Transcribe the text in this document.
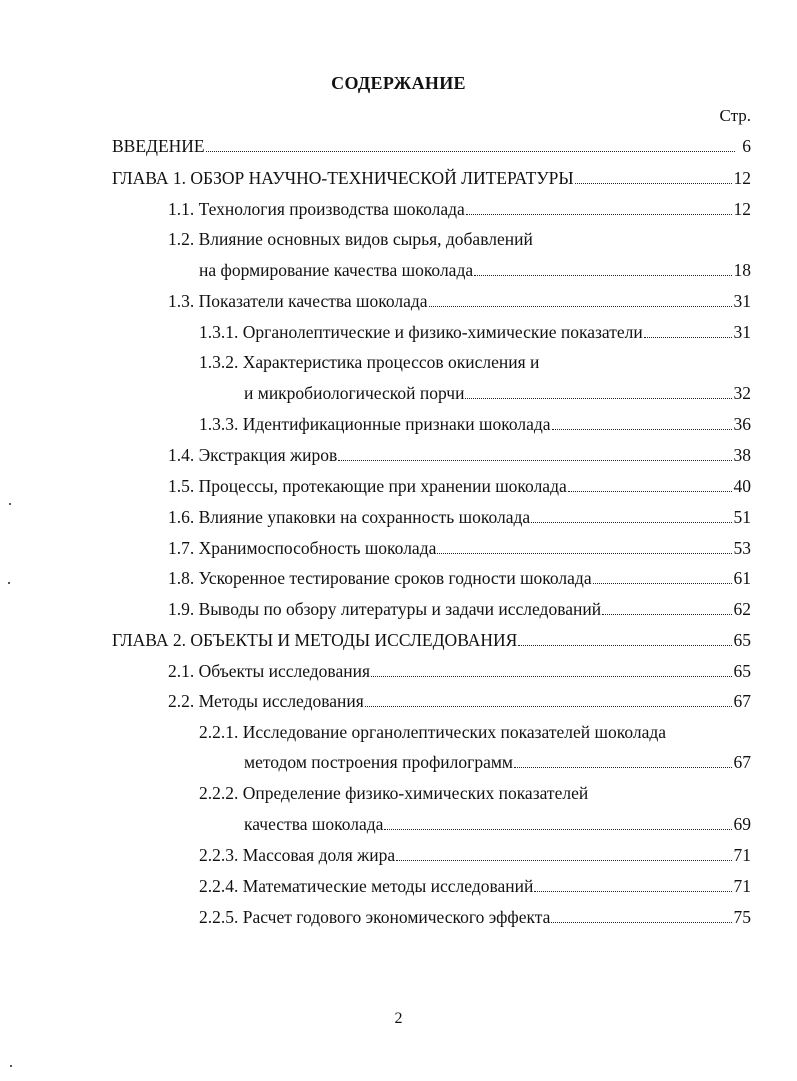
СОДЕРЖАНИЕ
Стр.
ВВЕДЕНИЕ	6
ГЛАВА 1. ОБЗОР НАУЧНО-ТЕХНИЧЕСКОЙ ЛИТЕРАТУРЫ	12
1.1. Технология производства шоколада	12
1.2. Влияние основных видов сырья, добавлений
на формирование качества шоколада	18
1.3. Показатели качества шоколада	31
1.3.1. Органолептические и физико-химические показатели	31
1.3.2. Характеристика процессов окисления и
и микробиологической порчи	32
1.3.3. Идентификационные признаки шоколада	36
1.4. Экстракция жиров	38
1.5. Процессы, протекающие при хранении шоколада	40
1.6. Влияние упаковки на сохранность шоколада	51
1.7. Хранимоспособность шоколада	53
1.8. Ускоренное тестирование сроков годности шоколада	61
1.9. Выводы по обзору литературы и задачи исследований	62
ГЛАВА 2. ОБЪЕКТЫ И МЕТОДЫ ИССЛЕДОВАНИЯ	65
2.1. Объекты исследования	65
2.2. Методы исследования	67
2.2.1. Исследование органолептических показателей шоколада
методом построения профилограмм	67
2.2.2. Определение физико-химических показателей
качества шоколада	69
2.2.3. Массовая доля жира	71
2.2.4. Математические методы исследований	71
2.2.5. Расчет годового экономического эффекта	75
2
